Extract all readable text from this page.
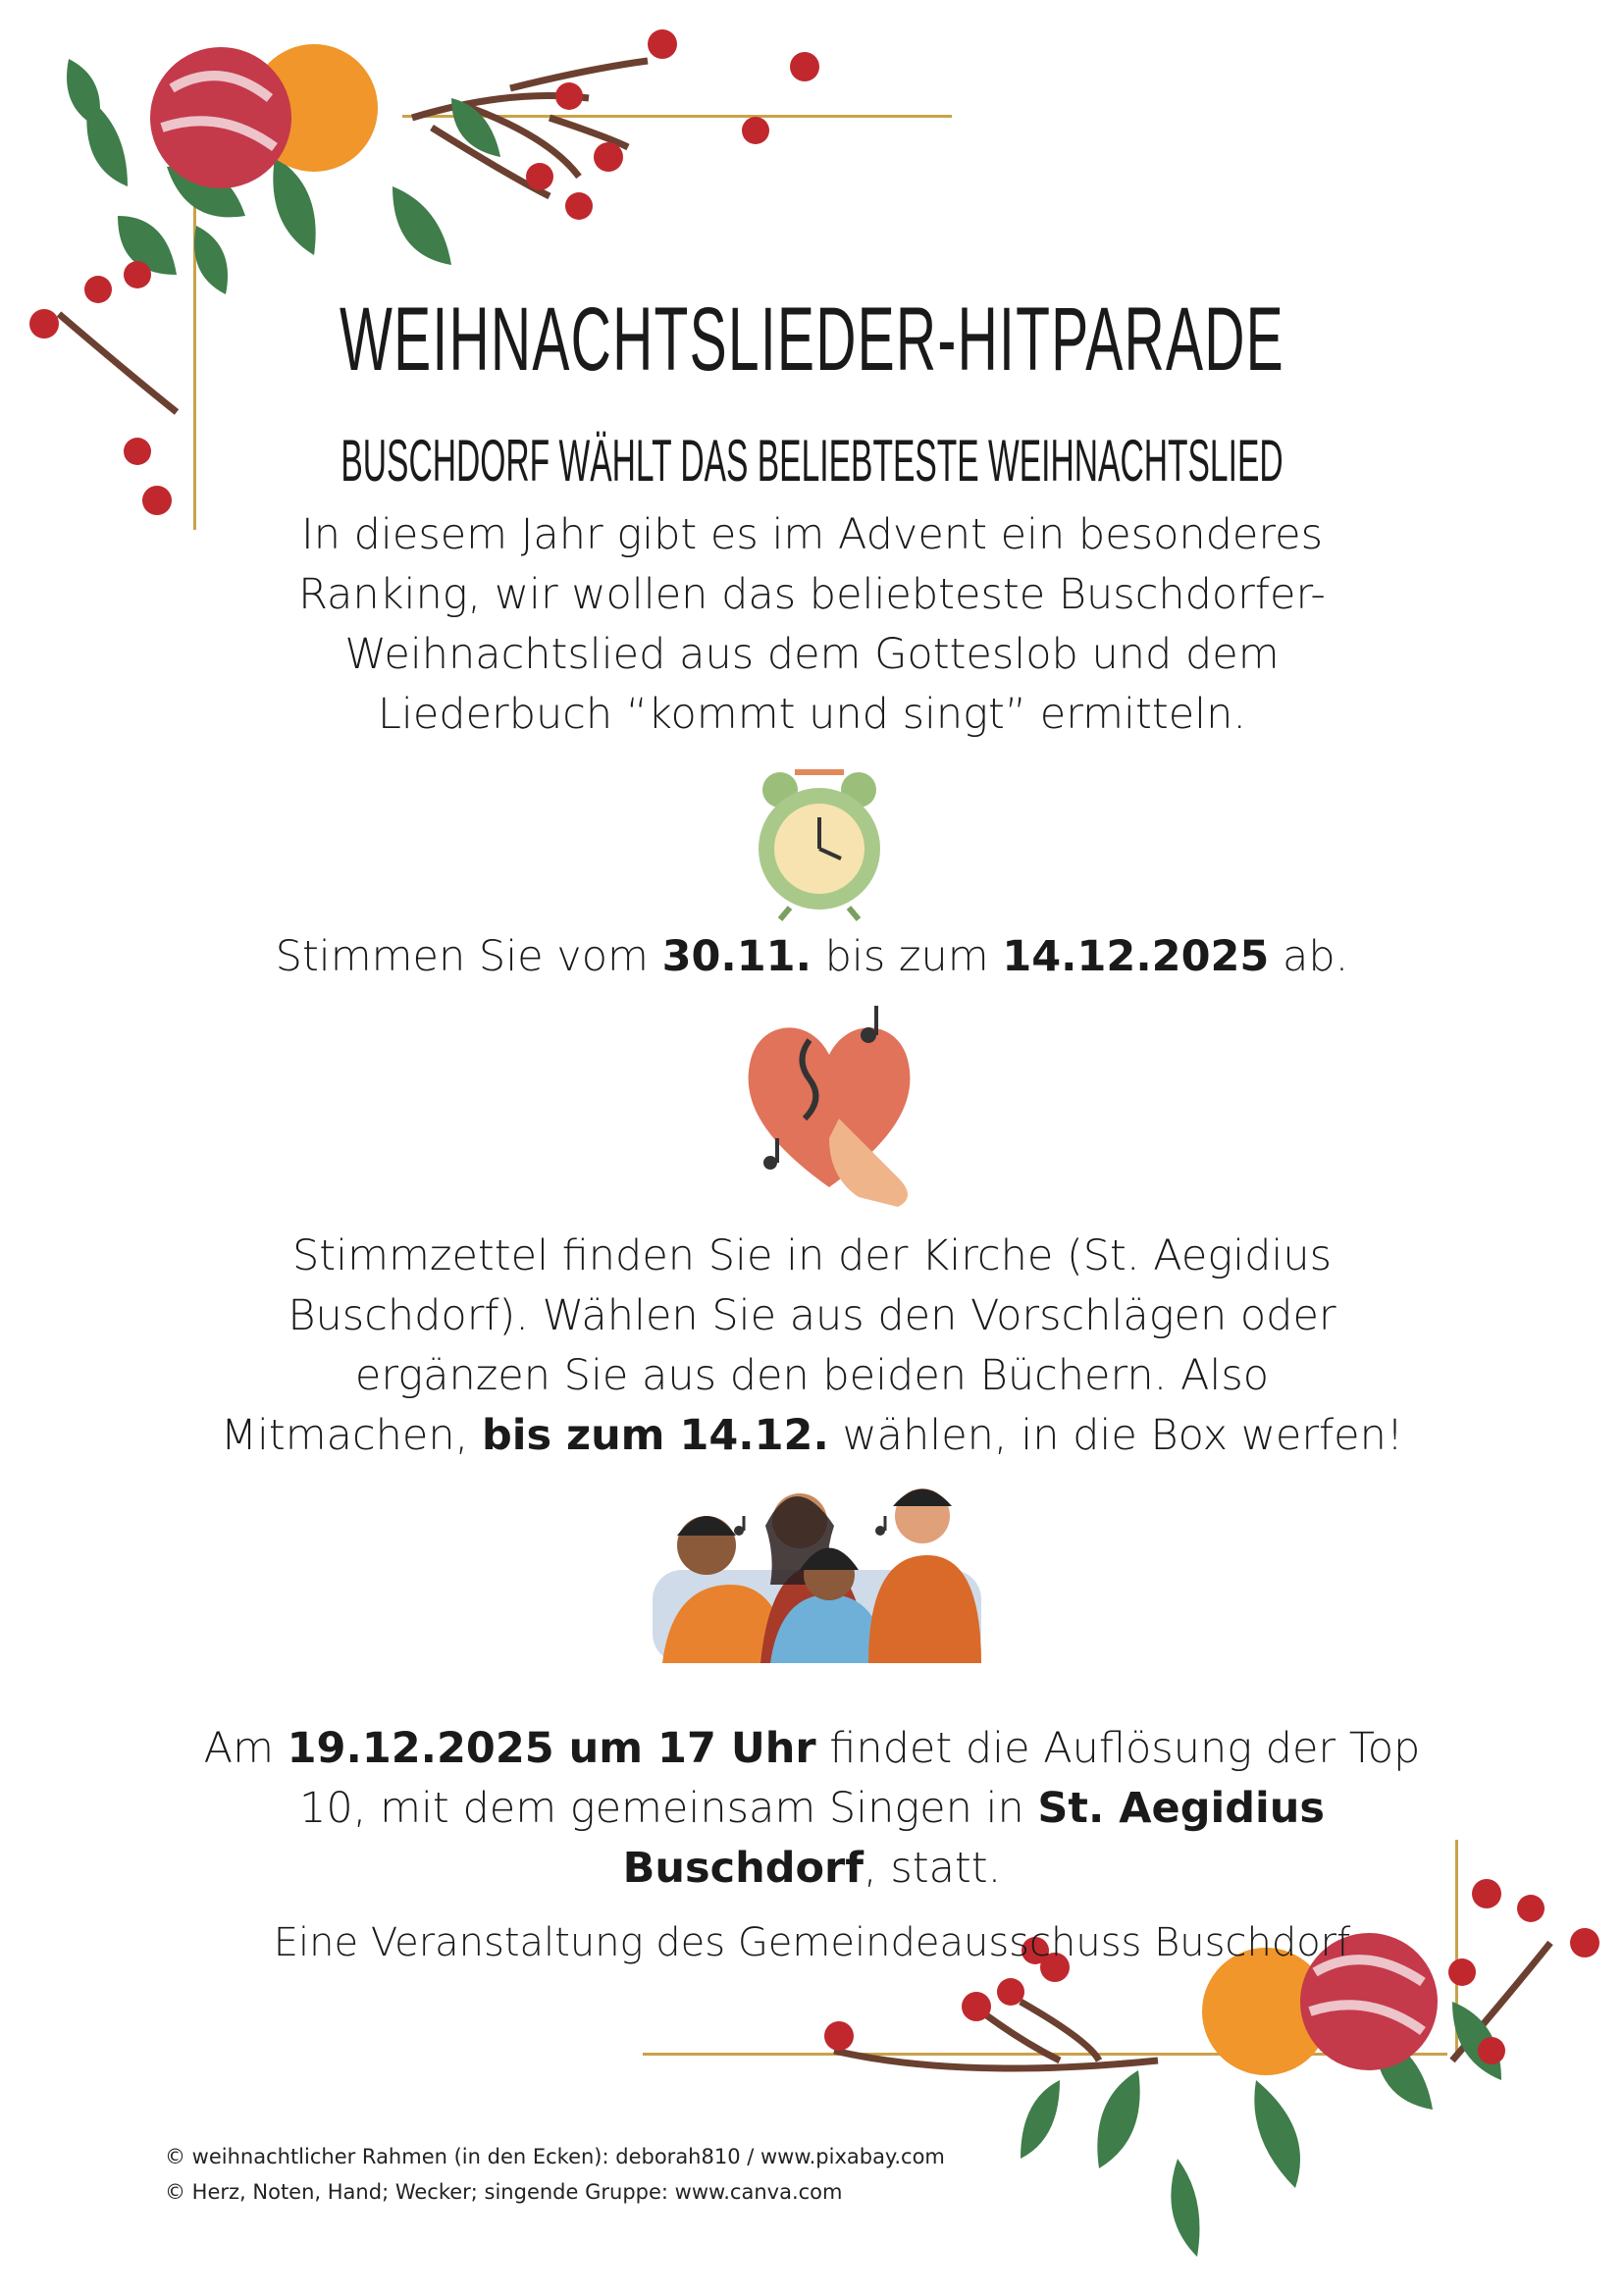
WEIHNACHTSLIEDER-HITPARADE
BUSCHDORF WÄHLT DAS BELIEBTESTE WEIHNACHTSLIED
In diesem Jahr gibt es im Advent ein besonderes
Ranking, wir wollen das beliebteste Buschdorfer-
Weihnachtslied aus dem Gotteslob und dem
Liederbuch “kommt und singt” ermitteln.
Stimmen Sie vom 30.11. bis zum 14.12.2025 ab.
Stimmzettel finden Sie in der Kirche (St. Aegidius
Buschdorf). Wählen Sie aus den Vorschlägen oder
ergänzen Sie aus den beiden Büchern. Also
Mitmachen, bis zum 14.12. wählen, in die Box werfen!
Am 19.12.2025 um 17 Uhr findet die Auflösung der Top
10, mit dem gemeinsam Singen in St. Aegidius
Buschdorf, statt.
Eine Veranstaltung des Gemeindeausschuss Buschdorf
© weihnachtlicher Rahmen (in den Ecken): deborah810 / www.pixabay.com
© Herz, Noten, Hand; Wecker; singende Gruppe: www.canva.com
